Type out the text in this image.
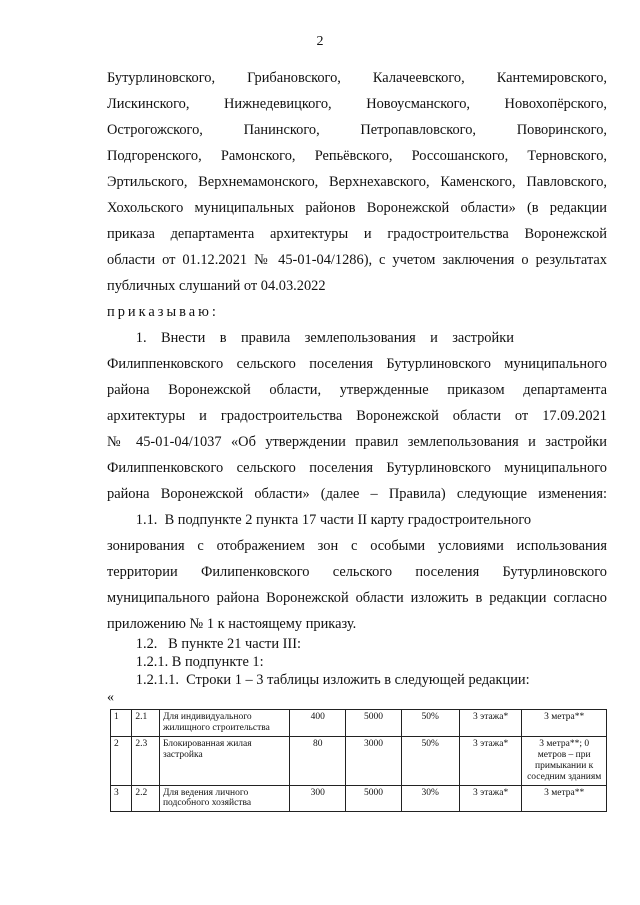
2
Бутурлиновского, Грибановского, Калачеевского, Кантемировского,
Лискинского, Нижнедевицкого, Новоусманского, Новохопёрского,
Острогожского, Панинского, Петропавловского, Поворинского,
Подгоренского, Рамонского, Репьёвского, Россошанского, Терновского,
Эртильского, Верхнемамонского, Верхнехавского, Каменского, Павловского,
Хохольского муниципальных районов Воронежской области» (в редакции
приказа департамента архитектуры и градостроительства Воронежской
области от 01.12.2021 № 45-01-04/1286), с учетом заключения о результатах
публичных слушаний от 04.03.2022
приказываю:
1.    Внести    в    правила    землепользования    и    застройки
Филиппенковского сельского поселения Бутурлиновского муниципального
района Воронежской области, утвержденные приказом департамента
архитектуры и градостроительства Воронежской области от 17.09.2021
№ 45-01-04/1037 «Об утверждении правил землепользования и застройки
Филиппенковского сельского поселения Бутурлиновского муниципального
района Воронежской области» (далее – Правила) следующие изменения:
1.1.  В подпункте 2 пункта 17 части II карту градостроительного
зонирования с отображением зон с особыми условиями использования
территории Филипенковского сельского поселения Бутурлиновского
муниципального района Воронежской области изложить в редакции согласно
приложению № 1 к настоящему приказу.
1.2.   В пункте 21 части III:
1.2.1. В подпункте 1:
1.2.1.1.  Строки 1 – 3 таблицы изложить в следующей редакции:
«
1	2.1	Для индивидуального жилищного строительства	400	5000	50%	3 этажа*	3 метра**
2	2.3	Блокированная жилая застройка	80	3000	50%	3 этажа*	3 метра**; 0 метров – при примыкании к соседним зданиям
3	2.2	Для ведения личного подсобного хозяйства	300	5000	30%	3 этажа*	3 метра**
